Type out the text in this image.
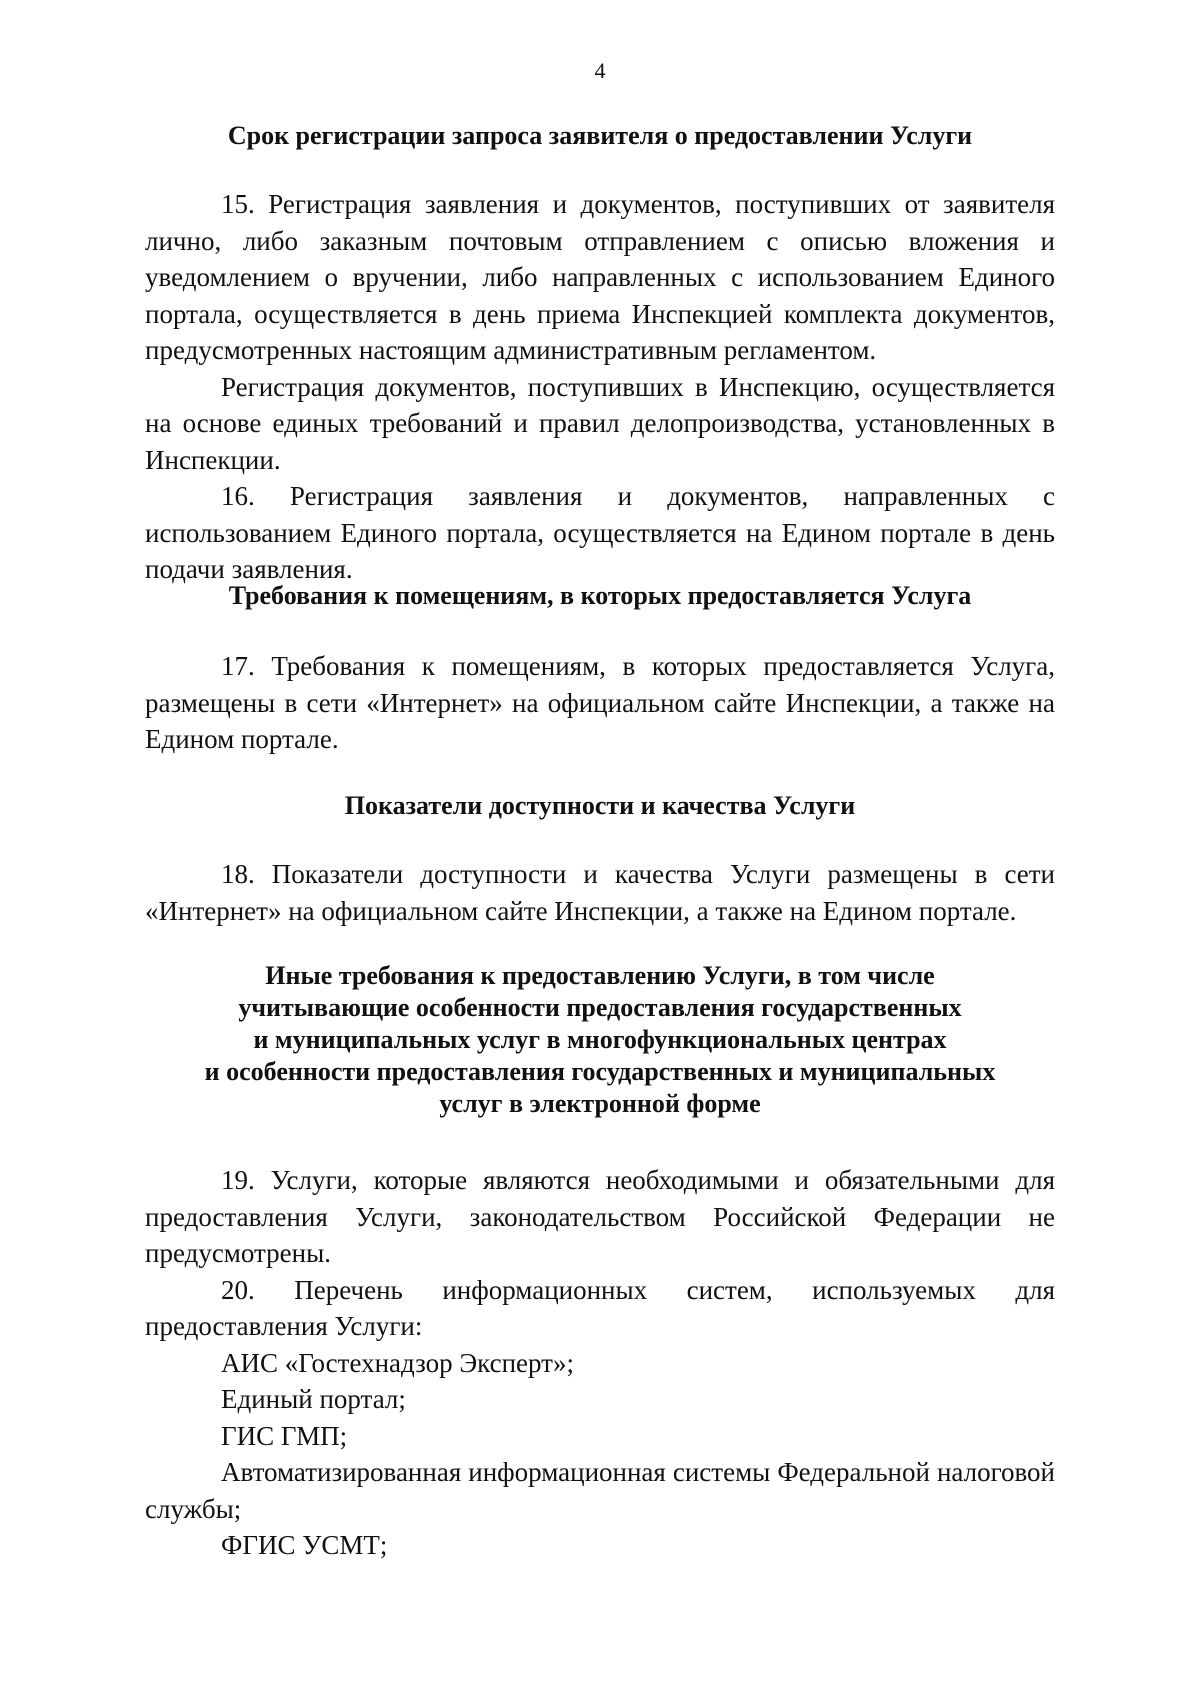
4
Срок регистрации запроса заявителя о предоставлении Услуги

15. Регистрация заявления и документов, поступивших от заявителя лично, либо заказным почтовым отправлением с описью вложения и уведомлением о вручении, либо направленных с использованием Единого портала, осуществляется в день приема Инспекцией комплекта документов, предусмотренных настоящим административным регламентом.

Регистрация документов, поступивших в Инспекцию, осуществляется на основе единых требований и правил делопроизводства, установленных в Инспекции.

16. Регистрация заявления и документов, направленных с использованием Единого портала, осуществляется на Едином портале в день подачи заявления.

Требования к помещениям, в которых предоставляется Услуга

17. Требования к помещениям, в которых предоставляется Услуга, размещены в сети «Интернет» на официальном сайте Инспекции, а также на Едином портале.

Показатели доступности и качества Услуги

18. Показатели доступности и качества Услуги размещены в сети «Интернет» на официальном сайте Инспекции, а также на Едином портале.

Иные требования к предоставлению Услуги, в том числе
учитывающие особенности предоставления государственных
и муниципальных услуг в многофункциональных центрах
и особенности предоставления государственных и муниципальных
услуг в электронной форме

19. Услуги, которые являются необходимыми и обязательными для предоставления Услуги, законодательством Российской Федерации не предусмотрены.

20. Перечень информационных систем, используемых для предоставления Услуги:

АИС «Гостехнадзор Эксперт»;

Единый портал;

ГИС ГМП;

Автоматизированная информационная системы Федеральной налоговой службы;

ФГИС УСМТ;
